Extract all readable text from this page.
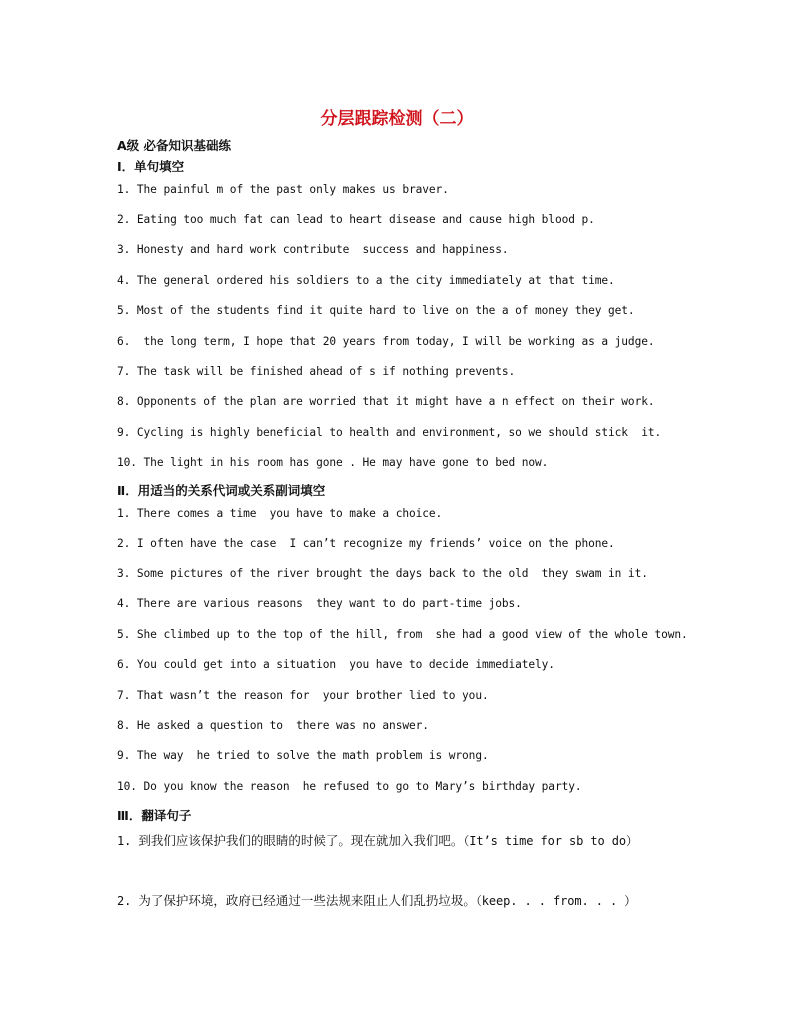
分层跟踪检测（二）
A级 必备知识基础练
Ⅰ．单句填空
1. The painful m of the past only makes us braver.
2. Eating too much fat can lead to heart disease and cause high blood p.
3. Honesty and hard work contribute  success and happiness.
4. The general ordered his soldiers to a the city immediately at that time.
5. Most of the students find it quite hard to live on the a of money they get.
6.  the long term, I hope that 20 years from today, I will be working as a judge.
7. The task will be finished ahead of s if nothing prevents.
8. Opponents of the plan are worried that it might have a n effect on their work.
9. Cycling is highly beneficial to health and environment, so we should stick  it.
10. The light in his room has gone . He may have gone to bed now.
Ⅱ．用适当的关系代词或关系副词填空
1. There comes a time  you have to make a choice.
2. I often have the case  I can’t recognize my friends’ voice on the phone.
3. Some pictures of the river brought the days back to the old  they swam in it.
4. There are various reasons  they want to do part-time jobs.
5. She climbed up to the top of the hill, from  she had a good view of the whole town.
6. You could get into a situation  you have to decide immediately.
7. That wasn’t the reason for  your brother lied to you.
8. He asked a question to  there was no answer.
9. The way  he tried to solve the math problem is wrong.
10. Do you know the reason  he refused to go to Mary’s birthday party.
Ⅲ．翻译句子
1. 到我们应该保护我们的眼睛的时候了。现在就加入我们吧。（It’s time for sb to do）
2. 为了保护环境，政府已经通过一些法规来阻止人们乱扔垃圾。（keep. . . from. . . ）
